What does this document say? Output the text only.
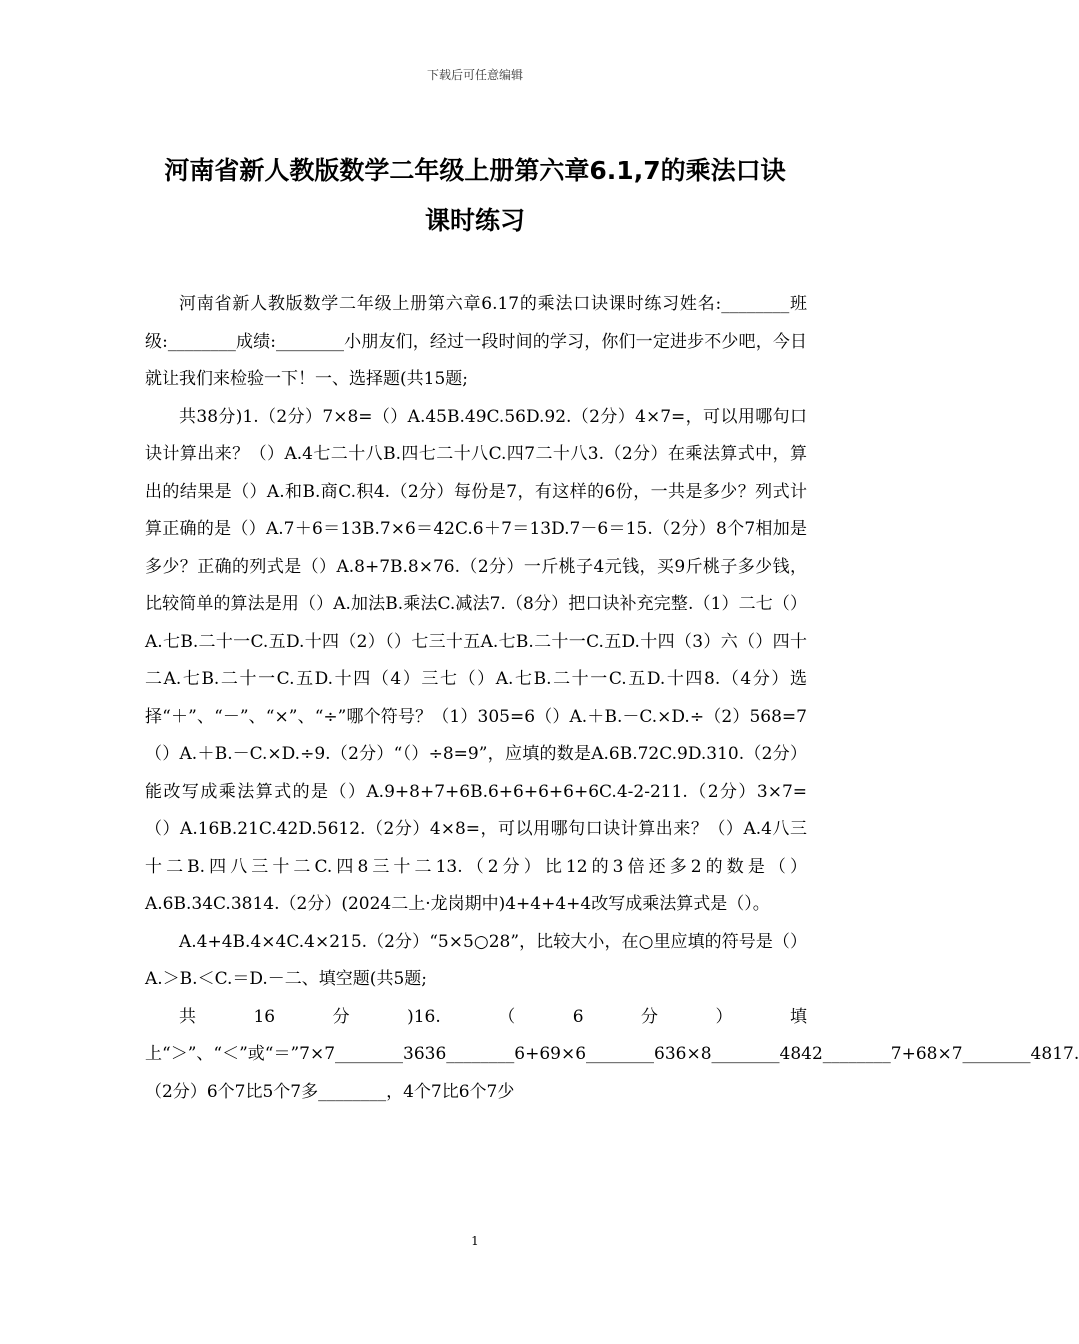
下载后可任意编辑
河南省新人教版数学二年级上册第六章6.1,7的乘法口诀
课时练习

河南省新人教版数学二年级上册第六章6.17的乘法口诀课时练习姓名:________班级:________成绩:________小朋友们，经过一段时间的学习，你们一定进步不少吧，今日就让我们来检验一下！一、选择题(共15题;

共38分)1.（2分）7×8=（）A.45B.49C.56D.92.（2分）4×7=，可以用哪句口诀计算出来？（）A.4七二十八B.四七二十八C.四7二十八3.（2分）在乘法算式中，算出的结果是（）A.和B.商C.积4.（2分）每份是7，有这样的6份，一共是多少？列式计算正确的是（）A.7＋6＝13B.7×6＝42C.6＋7＝13D.7－6＝15.（2分）8个7相加是多少？正确的列式是（）A.8+7B.8×76.（2分）一斤桃子4元钱，买9斤桃子多少钱，比较简单的算法是用（）A.加法B.乘法C.减法7.（8分）把口诀补充完整.（1）二七（）A.七B.二十一C.五D.十四（2）（）七三十五A.七B.二十一C.五D.十四（3）六（）四十二A.七B.二十一C.五D.十四（4）三七（）A.七B.二十一C.五D.十四8.（4分）选择“＋”、“－”、“×”、“÷”哪个符号？（1）305=6（）A.＋B.－C.×D.÷（2）568=7（）A.＋B.－C.×D.÷9.（2分）“（）÷8=9”，应填的数是A.6B.72C.9D.310.（2分）能改写成乘法算式的是（）A.9+8+7+6B.6+6+6+6+6C.4-2-211.（2分）3×7=（）A.16B.21C.42D.5612.（2分）4×8=，可以用哪句口诀计算出来？（）A.4八三十二B.四八三十二C.四8三十二13.（2分）比12的3倍还多2的数是（）A.6B.34C.3814.（2分）(2024二上·龙岗期中)4+4+4+4改写成乘法算式是（）。

A.4+4B.4×4C.4×215.（2分）“5×5○28”，比较大小，在○里应填的符号是（）A.＞B.＜C.＝D.－二、填空题(共5题;

共16分)16.（6分）填上“＞”、“＜”或“＝”7×7________3636________6+69×6________636×8________4842________7+68×7________4817.（2分）6个7比5个7多________，4个7比6个7少

1
